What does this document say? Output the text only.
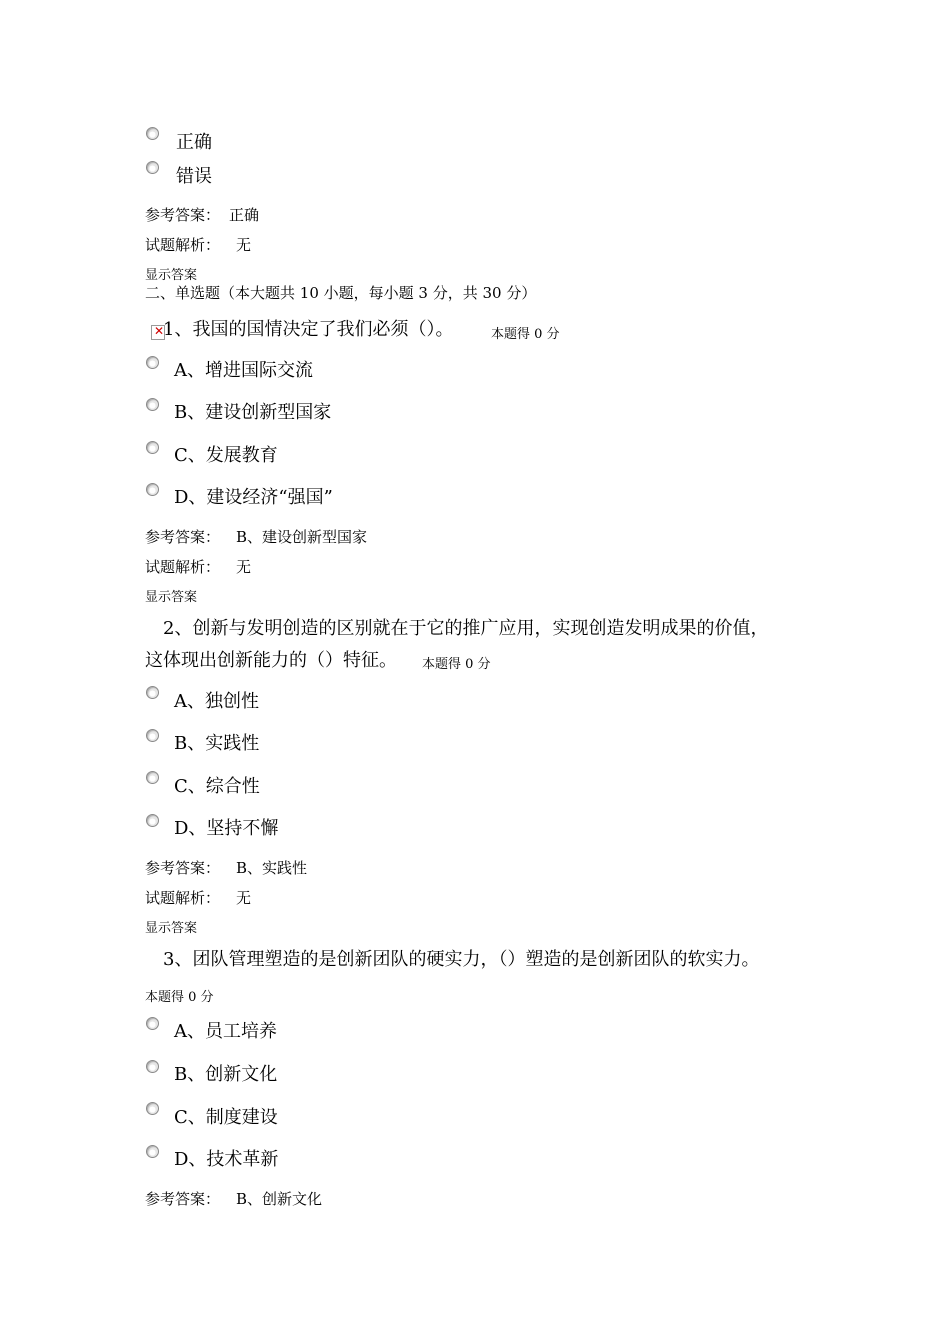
正确
错误
参考答案： 正确
试题解析： 无
显示答案
二、单选题（本大题共 10 小题，每小题 3 分，共 30 分）
✕
1、我国的国情决定了我们必须（）。	本题得 0 分
A、增进国际交流
B、建设创新型国家
C、发展教育
D、建设经济“强国”
参考答案： B、建设创新型国家
试题解析： 无
显示答案
2、创新与发明创造的区别就在于它的推广应用，实现创造发明成果的价值，
这体现出创新能力的（）特征。 本题得 0 分
A、独创性
B、实践性
C、综合性
D、坚持不懈
参考答案： B、实践性
试题解析： 无
显示答案
3、团队管理塑造的是创新团队的硬实力，（）塑造的是创新团队的软实力。
本题得 0 分
A、员工培养
B、创新文化
C、制度建设
D、技术革新
参考答案： B、创新文化
